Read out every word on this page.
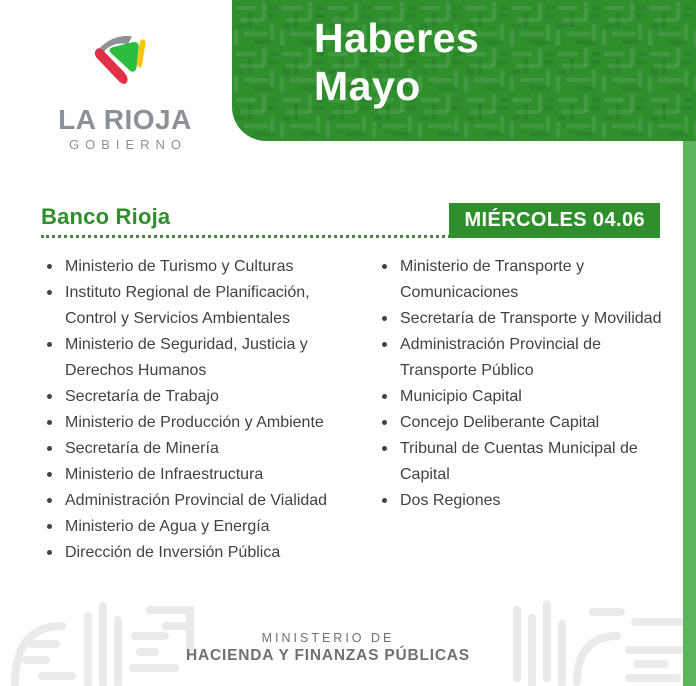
Haberes
Mayo
LA RIOJA
GOBIERNO
Banco Rioja	MIÉRCOLES 04.06
Ministerio de Turismo y Culturas
Instituto Regional de Planificación, Control y Servicios Ambientales
Ministerio de Seguridad, Justicia y Derechos Humanos
Secretaría de Trabajo
Ministerio de Producción y Ambiente
Secretaría de Minería
Ministerio de Infraestructura
Administración Provincial de Vialidad
Ministerio de Agua y Energía
Dirección de Inversión Pública
Ministerio de Transporte y Comunicaciones
Secretaría de Transporte y Movilidad
Administración Provincial de Transporte Público
Municipio Capital
Concejo Deliberante Capital
Tribunal de Cuentas Municipal de Capital
Dos Regiones
MINISTERIO DE
HACIENDA Y FINANZAS PÚBLICAS
